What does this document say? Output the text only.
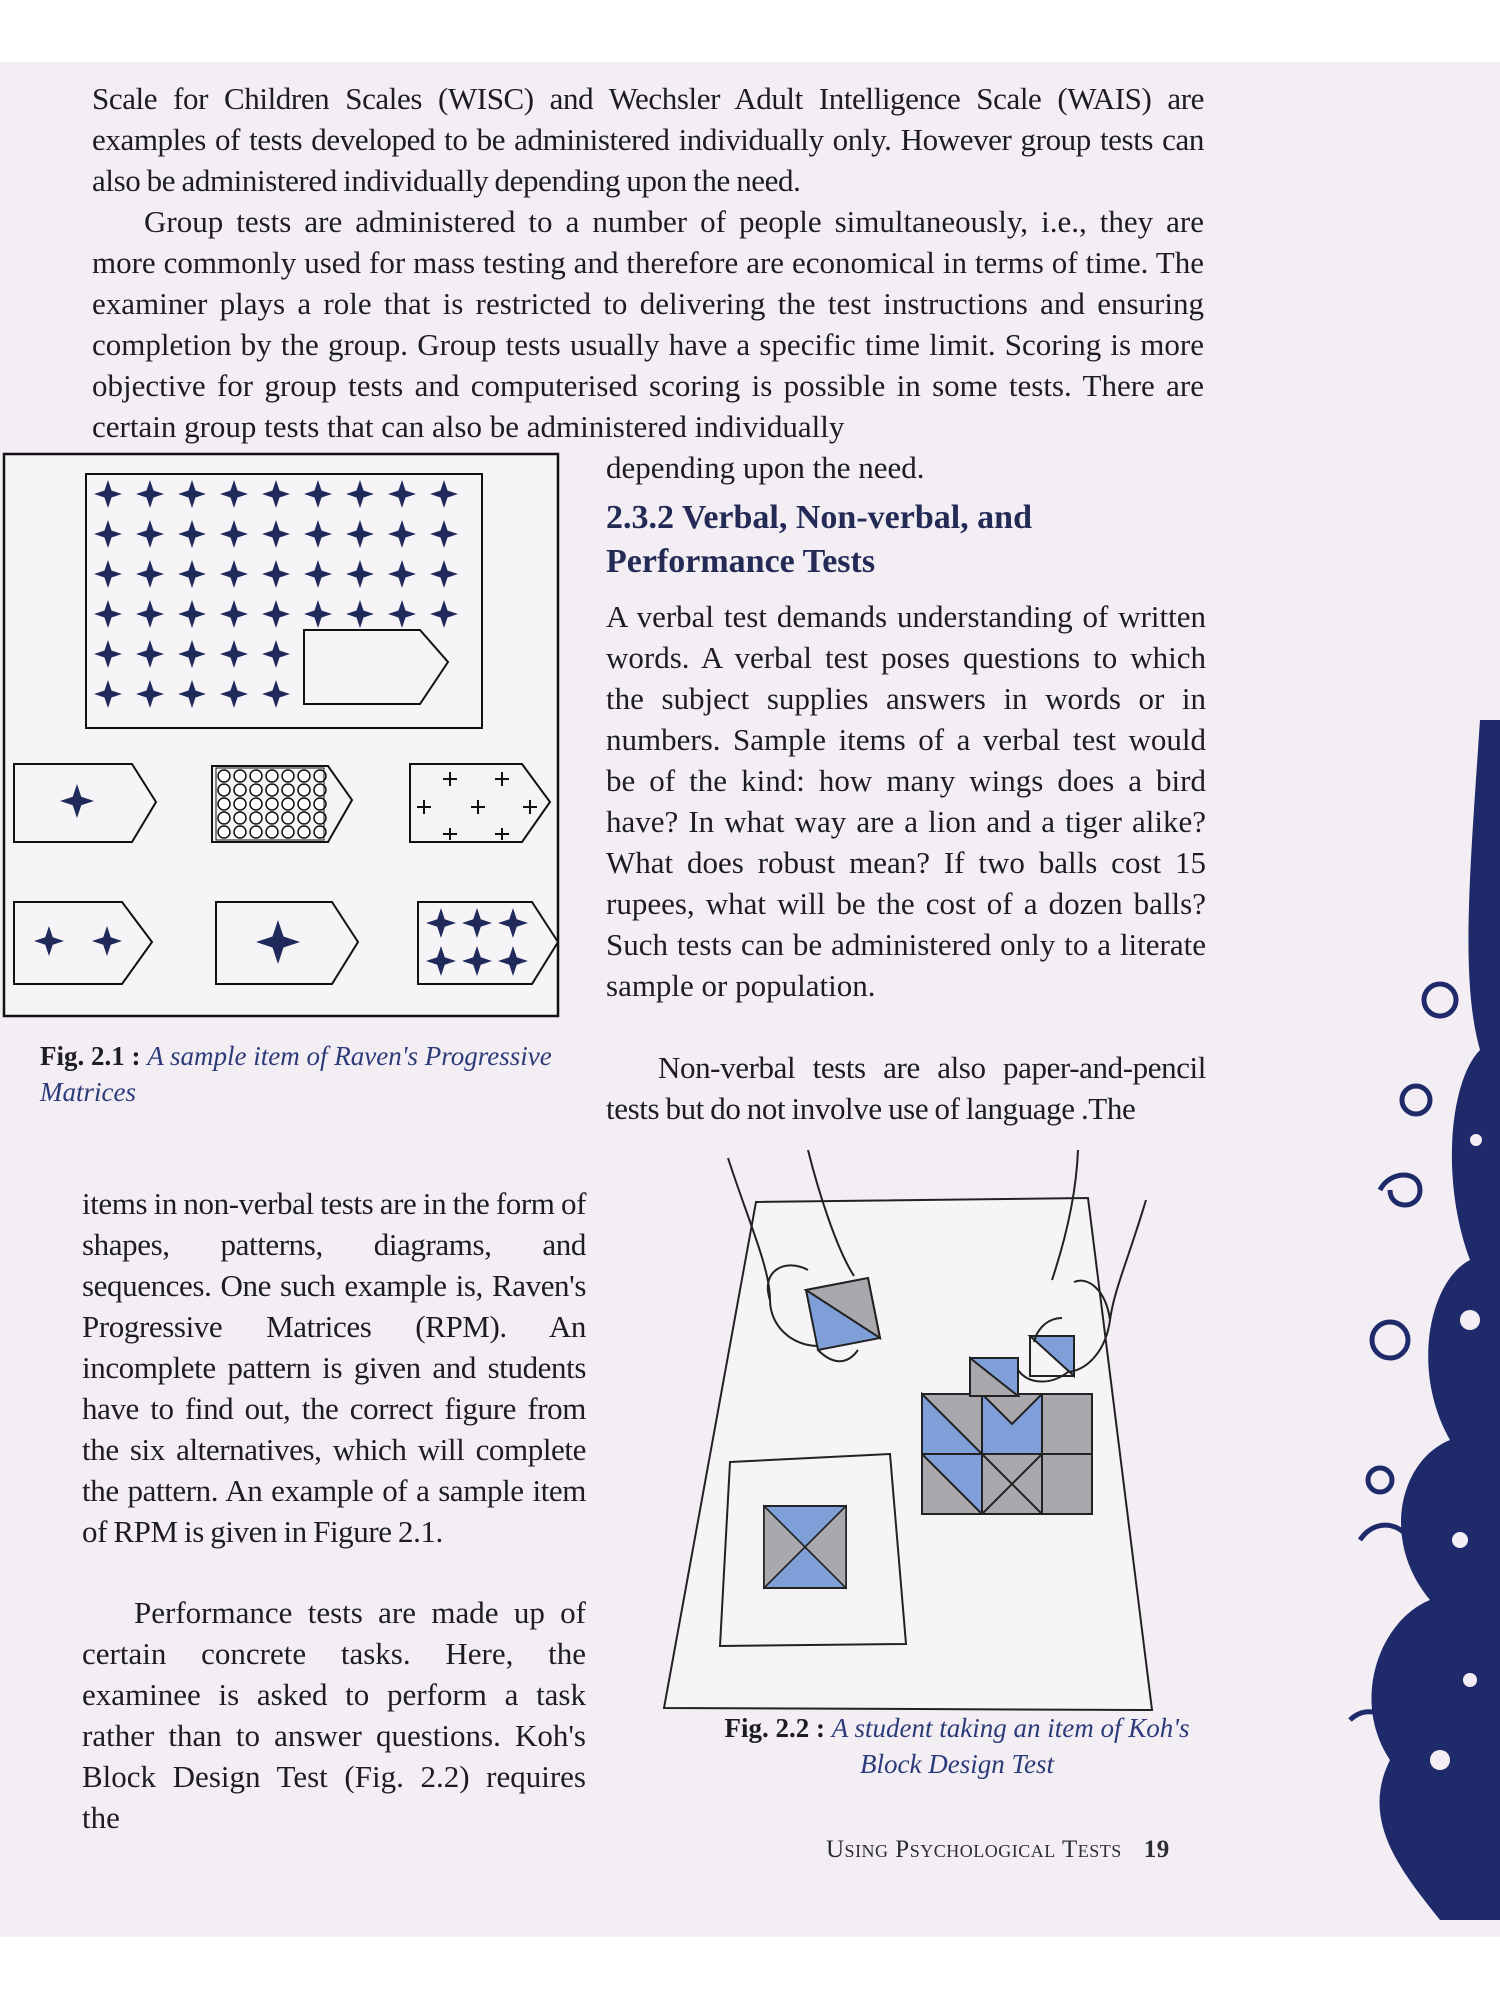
Scale for Children Scales (WISC) and Wechsler Adult Intelligence Scale (WAIS) are examples of tests developed to be administered individually only. However group tests can also be administered individually depending upon the need.

Group tests are administered to a number of people simultaneously, i.e., they are more commonly used for mass testing and therefore are economical in terms of time. The examiner plays a role that is restricted to delivering the test instructions and ensuring completion by the group. Group tests usually have a specific time limit. Scoring is more objective for group tests and computerised scoring is possible in some tests. There are certain group tests that can also be administered individually

depending upon the need.

2.3.2 Verbal, Non-verbal, and Performance Tests

A verbal test demands understanding of written words. A verbal test poses questions to which the subject supplies answers in words or in numbers. Sample items of a verbal test would be of the kind: how many wings does a bird have? In what way are a lion and a tiger alike? What does robust mean? If two balls cost 15 rupees, what will be the cost of a dozen balls? Such tests can be administered only to a literate sample or population.

Non-verbal tests are also paper-and-pencil tests but do not involve use of language .The

items in non-verbal tests are in the form of shapes, patterns, diagrams, and sequences. One such example is, Raven's Progressive Matrices (RPM). An incomplete pattern is given and students have to find out, the correct figure from the six alternatives, which will complete the pattern. An example of a sample item of RPM is given in Figure 2.1.

Performance tests are made up of certain concrete tasks. Here, the examinee is asked to perform a task rather than to answer questions. Koh's Block Design Test (Fig. 2.2) requires the

Fig. 2.1 : A sample item of Raven's Progressive Matrices

Fig. 2.2 : A student taking an item of Koh's Block Design Test

Using Psychological Tests 19
